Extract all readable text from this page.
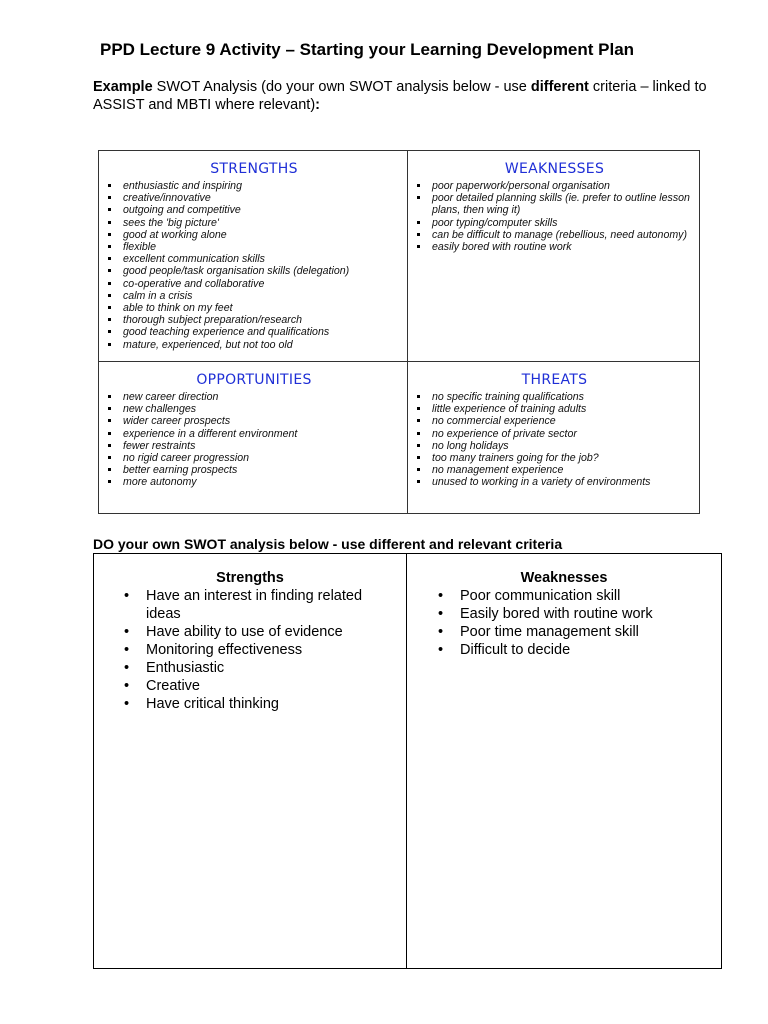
PPD Lecture 9 Activity – Starting your Learning Development Plan
Example SWOT Analysis (do your own SWOT analysis below - use different criteria – linked to ASSIST and MBTI where relevant):
STRENGTHS
enthusiastic and inspiring
creative/innovative
outgoing and competitive
sees the 'big picture'
good at working alone
flexible
excellent communication skills
good people/task organisation skills (delegation)
co-operative and collaborative
calm in a crisis
able to think on my feet
thorough subject preparation/research
good teaching experience and qualifications
mature, experienced, but not too old
WEAKNESSES
poor paperwork/personal organisation
poor detailed planning skills (ie. prefer to outline lesson plans, then wing it)
poor typing/computer skills
can be difficult to manage (rebellious, need autonomy)
easily bored with routine work
OPPORTUNITIES
new career direction
new challenges
wider career prospects
experience in a different environment
fewer restraints
no rigid career progression
better earning prospects
more autonomy
THREATS
no specific training qualifications
little experience of training adults
no commercial experience
no experience of private sector
no long holidays
too many trainers going for the job?
no management experience
unused to working in a variety of environments
DO your own SWOT analysis below - use different and relevant criteria
Strengths
• Have an interest in finding related ideas
• Have ability to use of evidence
• Monitoring effectiveness
• Enthusiastic
• Creative
• Have critical thinking
Weaknesses
• Poor communication skill
• Easily bored with routine work
• Poor time management skill
• Difficult to decide
